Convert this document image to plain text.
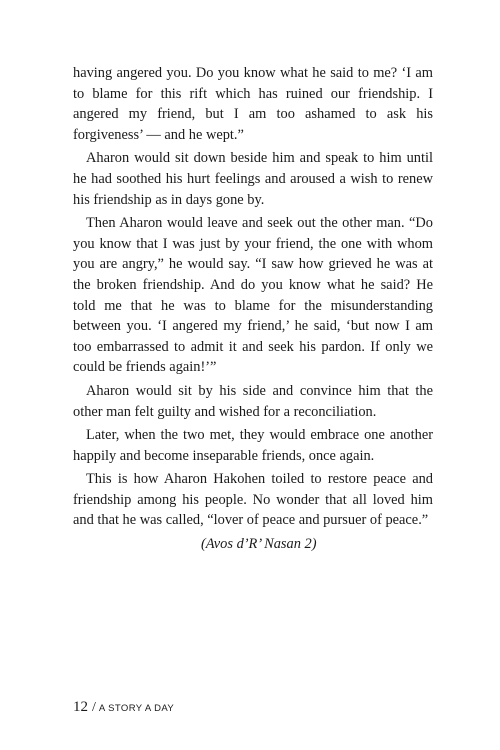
having angered you. Do you know what he said to me? ‘I am to blame for this rift which has ruined our friendship. I angered my friend, but I am too ashamed to ask his forgiveness’ — and he wept.”

Aharon would sit down beside him and speak to him until he had soothed his hurt feelings and aroused a wish to renew his friendship as in days gone by.

Then Aharon would leave and seek out the other man. “Do you know that I was just by your friend, the one with whom you are angry,” he would say. “I saw how grieved he was at the broken friendship. And do you know what he said? He told me that he was to blame for the misunderstanding between you. ‘I angered my friend,’ he said, ‘but now I am too embarrassed to admit it and seek his pardon. If only we could be friends again!’”

Aharon would sit by his side and convince him that the other man felt guilty and wished for a reconciliation.

Later, when the two met, they would embrace one another happily and become inseparable friends, once again.

This is how Aharon Hakohen toiled to restore peace and friendship among his people. No wonder that all loved him and that he was called, “lover of peace and pursuer of peace.”

(Avos d’R’ Nasan 2)

12 / A STORY A DAY
